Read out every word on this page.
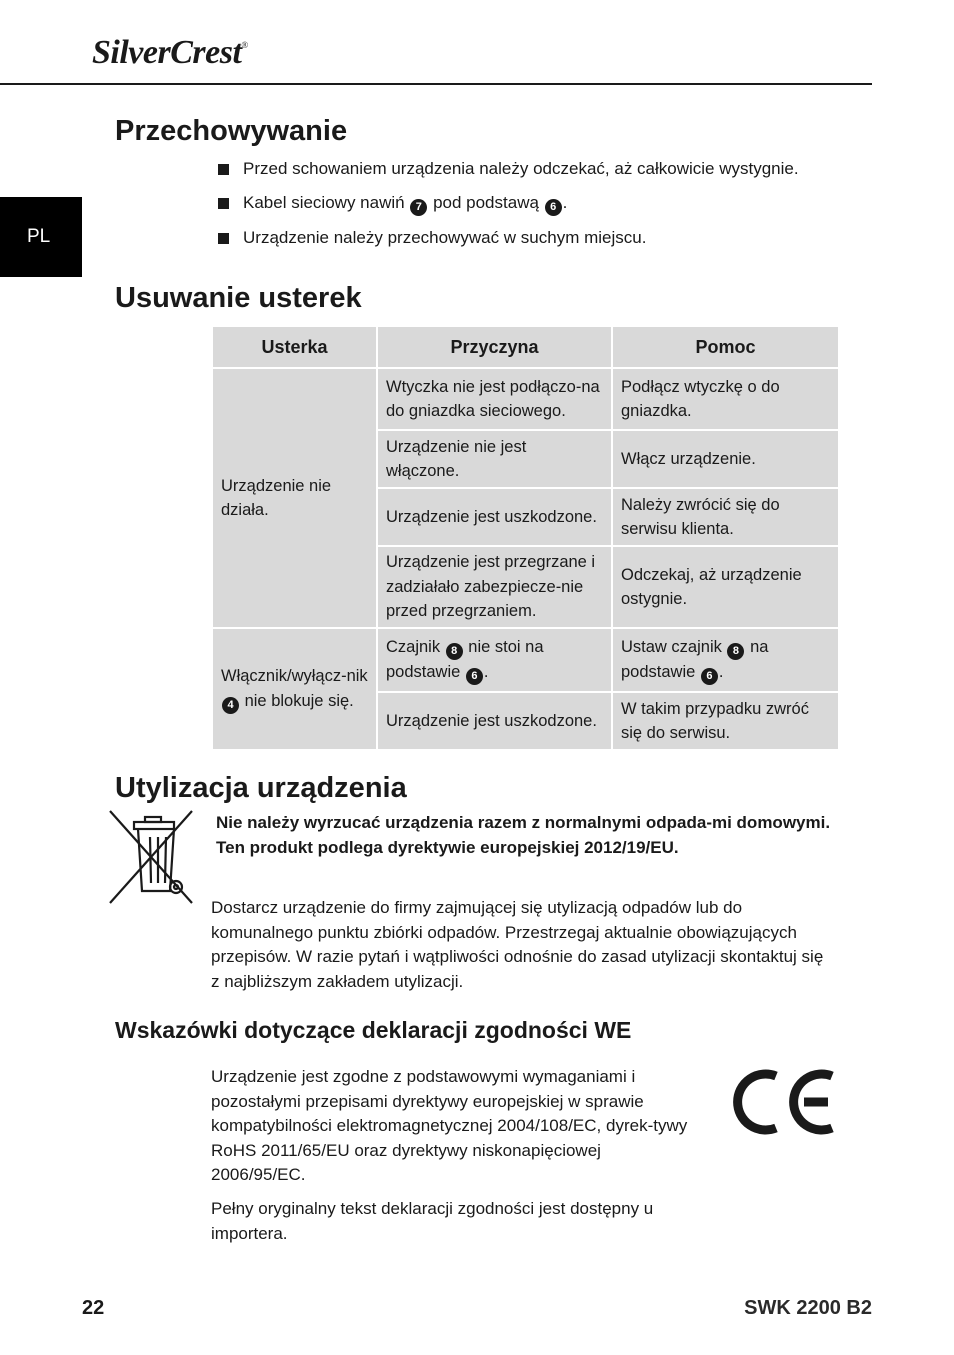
SilverCrest®
PL
Przechowywanie
Przed schowaniem urządzenia należy odczekać, aż całkowicie wystygnie.
Kabel sieciowy nawiń 7 pod podstawą 6 .
Urządzenie należy przechowywać w suchym miejscu.
Usuwanie usterek
Usterka	Przyczyna	Pomoc
Urządzenie nie działa.	Wtyczka nie jest podłączo-na do gniazdka sieciowego.	Podłącz wtyczkę o do gniazdka.
	Urządzenie nie jest włączone.	Włącz urządzenie.
	Urządzenie jest uszkodzone.	Należy zwrócić się do serwisu klienta.
	Urządzenie jest przegrzane i zadziałało zabezpiecze-nie przed przegrzaniem.	Odczekaj, aż urządzenie ostygnie.
Włącznik/wyłącz-nik 4 nie blokuje się.	Czajnik 8 nie stoi na podstawie 6 .	Ustaw czajnik 8 na podstawie 6 .
	Urządzenie jest uszkodzone.	W takim przypadku zwróć się do serwisu.
Utylizacja urządzenia
Nie należy wyrzucać urządzenia razem z normalnymi odpada-mi domowymi. Ten produkt podlega dyrektywie europejskiej 2012/19/EU.
Dostarcz urządzenie do firmy zajmującej się utylizacją odpadów lub do komunalnego punktu zbiórki odpadów. Przestrzegaj aktualnie obowiązujących przepisów. W razie pytań i wątpliwości odnośnie do zasad utylizacji skontaktuj się z najbliższym zakładem utylizacji.
Wskazówki dotyczące deklaracji zgodności WE
Urządzenie jest zgodne z podstawowymi wymaganiami i pozostałymi przepisami dyrektywy europejskiej w sprawie kompatybilności elektromagnetycznej 2004/108/EC, dyrek-tywy RoHS 2011/65/EU oraz dyrektywy niskonapięciowej 2006/95/EC.
Pełny oryginalny tekst deklaracji zgodności jest dostępny u importera.
22	SWK 2200 B2
